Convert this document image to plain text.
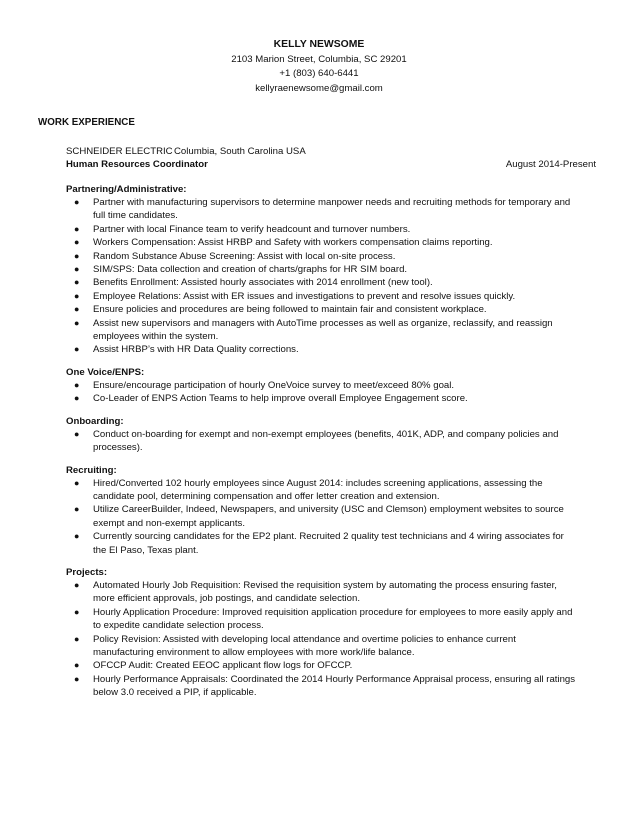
KELLY NEWSOME
2103 Marion Street, Columbia, SC 29201
+1 (803) 640-6441
kellyraenewsome@gmail.com
WORK EXPERIENCE
SCHNEIDER ELECTRIC Columbia, South Carolina USA
Human Resources Coordinator	August 2014-Present
Partnering/Administrative:
● Partner with manufacturing supervisors to determine manpower needs and recruiting methods for temporary and full time candidates.
● Partner with local Finance team to verify headcount and turnover numbers.
● Workers Compensation: Assist HRBP and Safety with workers compensation claims reporting.
● Random Substance Abuse Screening: Assist with local on-site process.
● SIM/SPS: Data collection and creation of charts/graphs for HR SIM board.
● Benefits Enrollment: Assisted hourly associates with 2014 enrollment (new tool).
● Employee Relations: Assist with ER issues and investigations to prevent and resolve issues quickly.
● Ensure policies and procedures are being followed to maintain fair and consistent workplace.
● Assist new supervisors and managers with AutoTime processes as well as organize, reclassify, and reassign employees within the system.
● Assist HRBP’s with HR Data Quality corrections.
One Voice/ENPS:
● Ensure/encourage participation of hourly OneVoice survey to meet/exceed 80% goal.
● Co-Leader of ENPS Action Teams to help improve overall Employee Engagement score.
Onboarding:
● Conduct on-boarding for exempt and non-exempt employees (benefits, 401K, ADP, and company policies and processes).
Recruiting:
● Hired/Converted 102 hourly employees since August 2014: includes screening applications, assessing the candidate pool, determining compensation and offer letter creation and extension.
● Utilize CareerBuilder, Indeed, Newspapers, and university (USC and Clemson) employment websites to source exempt and non-exempt applicants.
● Currently sourcing candidates for the EP2 plant. Recruited 2 quality test technicians and 4 wiring associates for the El Paso, Texas plant.
Projects:
● Automated Hourly Job Requisition: Revised the requisition system by automating the process ensuring faster, more efficient approvals, job postings, and candidate selection.
● Hourly Application Procedure: Improved requisition application procedure for employees to more easily apply and to expedite candidate selection process.
● Policy Revision: Assisted with developing local attendance and overtime policies to enhance current manufacturing environment to allow employees with more work/life balance.
● OFCCP Audit: Created EEOC applicant flow logs for OFCCP.
● Hourly Performance Appraisals: Coordinated the 2014 Hourly Performance Appraisal process, ensuring all ratings below 3.0 received a PIP, if applicable.
